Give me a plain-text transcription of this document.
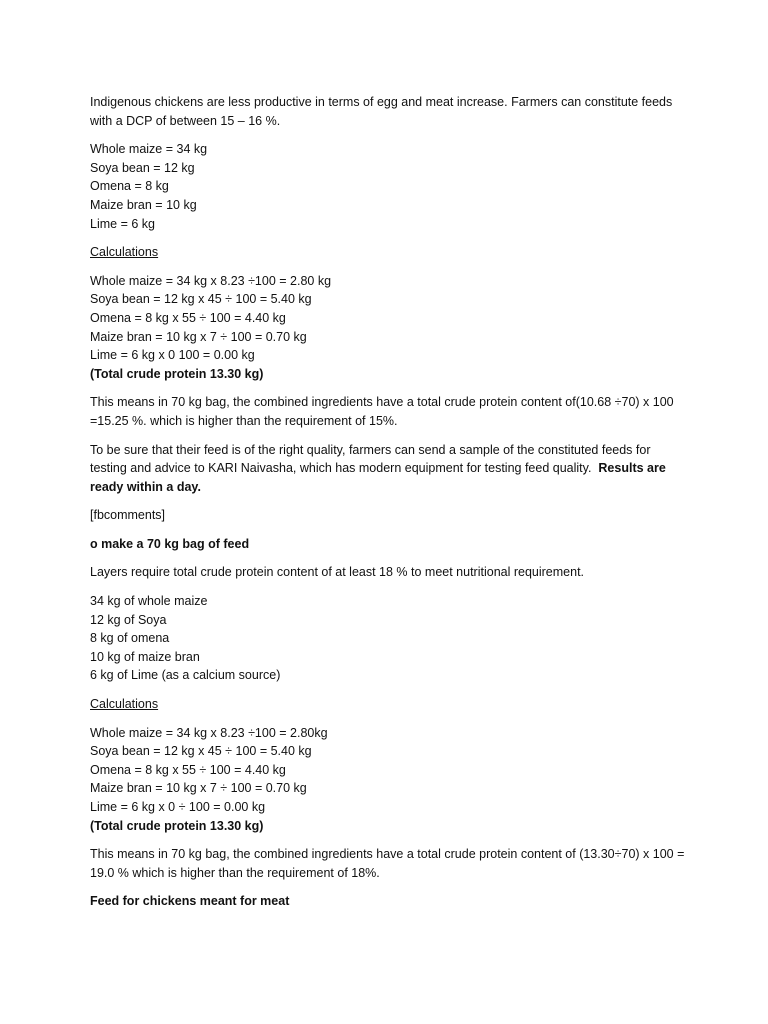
Indigenous chickens are less productive in terms of egg and meat increase. Farmers can constitute feeds with a DCP of between 15 – 16 %.

Whole maize = 34 kg
Soya bean = 12 kg
Omena = 8 kg
Maize bran = 10 kg
Lime = 6 kg

Calculations

Whole maize = 34 kg x 8.23 ÷100 = 2.80 kg
Soya bean = 12 kg x 45 ÷ 100 = 5.40 kg
Omena = 8 kg x 55 ÷ 100 = 4.40 kg
Maize bran = 10 kg x 7 ÷ 100 = 0.70 kg
Lime = 6 kg x 0 100 = 0.00 kg
(Total crude protein 13.30 kg)

This means in 70 kg bag, the combined ingredients have a total crude protein content of(10.68 ÷70) x 100 =15.25 %. which is higher than the requirement of 15%.

To be sure that their feed is of the right quality, farmers can send a sample of the constituted feeds for testing and advice to KARI Naivasha, which has modern equipment for testing feed quality. Results are ready within a day.

[fbcomments]

o make a 70 kg bag of feed

Layers require total crude protein content of at least 18 % to meet nutritional requirement.

34 kg of whole maize
12 kg of Soya
8 kg of omena
10 kg of maize bran
6 kg of Lime (as a calcium source)

Calculations

Whole maize = 34 kg x 8.23 ÷100 = 2.80kg
Soya bean = 12 kg x 45 ÷ 100 = 5.40 kg
Omena = 8 kg x 55 ÷ 100 = 4.40 kg
Maize bran = 10 kg x 7 ÷ 100 = 0.70 kg
Lime = 6 kg x 0 ÷ 100 = 0.00 kg
(Total crude protein 13.30 kg)

This means in 70 kg bag, the combined ingredients have a total crude protein content of (13.30÷70) x 100 = 19.0 % which is higher than the requirement of 18%.

Feed for chickens meant for meat
